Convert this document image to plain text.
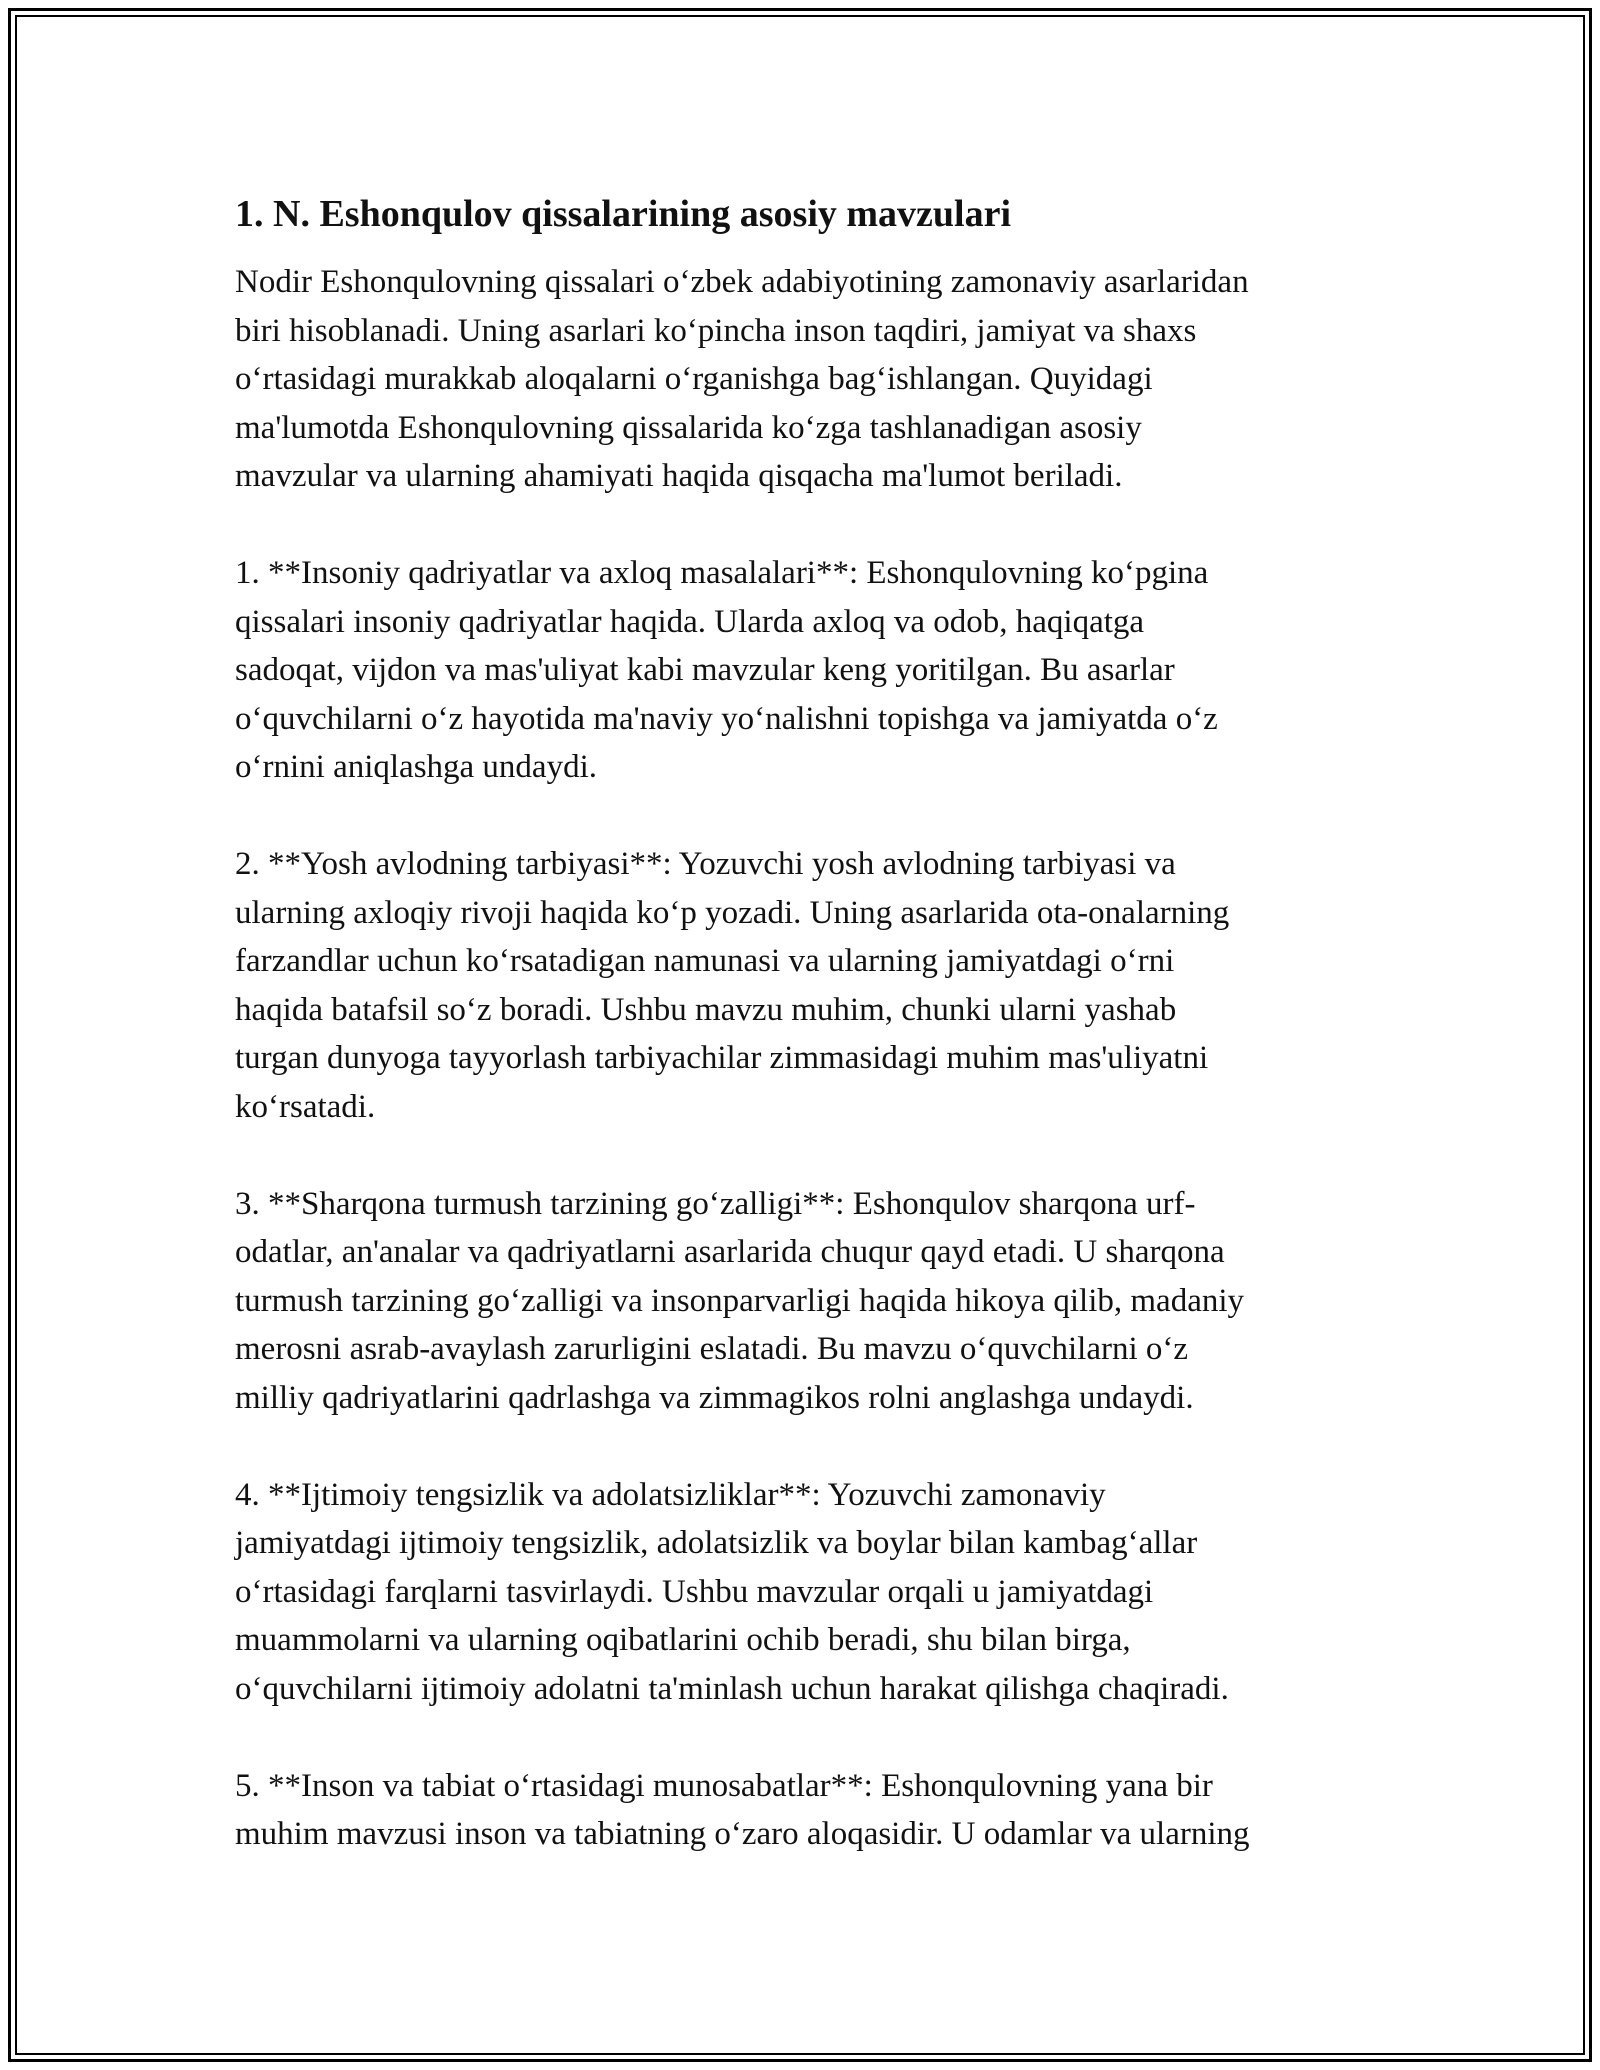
1. N. Eshonqulov qissalarining asosiy mavzulari
Nodir Eshonqulovning qissalari o‘zbek adabiyotining zamonaviy asarlaridan
biri hisoblanadi. Uning asarlari ko‘pincha inson taqdiri, jamiyat va shaxs
o‘rtasidagi murakkab aloqalarni o‘rganishga bag‘ishlangan. Quyidagi
ma'lumotda Eshonqulovning qissalarida ko‘zga tashlanadigan asosiy
mavzular va ularning ahamiyati haqida qisqacha ma'lumot beriladi.
1. **Insoniy qadriyatlar va axloq masalalari**: Eshonqulovning ko‘pgina
qissalari insoniy qadriyatlar haqida. Ularda axloq va odob, haqiqatga
sadoqat, vijdon va mas'uliyat kabi mavzular keng yoritilgan. Bu asarlar
o‘quvchilarni o‘z hayotida ma'naviy yo‘nalishni topishga va jamiyatda o‘z
o‘rnini aniqlashga undaydi.
2. **Yosh avlodning tarbiyasi**: Yozuvchi yosh avlodning tarbiyasi va
ularning axloqiy rivoji haqida ko‘p yozadi. Uning asarlarida ota-onalarning
farzandlar uchun ko‘rsatadigan namunasi va ularning jamiyatdagi o‘rni
haqida batafsil so‘z boradi. Ushbu mavzu muhim, chunki ularni yashab
turgan dunyoga tayyorlash tarbiyachilar zimmasidagi muhim mas'uliyatni
ko‘rsatadi.
3. **Sharqona turmush tarzining go‘zalligi**: Eshonqulov sharqona urf-
odatlar, an'analar va qadriyatlarni asarlarida chuqur qayd etadi. U sharqona
turmush tarzining go‘zalligi va insonparvarligi haqida hikoya qilib, madaniy
merosni asrab-avaylash zarurligini eslatadi. Bu mavzu o‘quvchilarni o‘z
milliy qadriyatlarini qadrlashga va zimmagikos rolni anglashga undaydi.
4. **Ijtimoiy tengsizlik va adolatsizliklar**: Yozuvchi zamonaviy
jamiyatdagi ijtimoiy tengsizlik, adolatsizlik va boylar bilan kambag‘allar
o‘rtasidagi farqlarni tasvirlaydi. Ushbu mavzular orqali u jamiyatdagi
muammolarni va ularning oqibatlarini ochib beradi, shu bilan birga,
o‘quvchilarni ijtimoiy adolatni ta'minlash uchun harakat qilishga chaqiradi.
5. **Inson va tabiat o‘rtasidagi munosabatlar**: Eshonqulovning yana bir
muhim mavzusi inson va tabiatning o‘zaro aloqasidir. U odamlar va ularning
